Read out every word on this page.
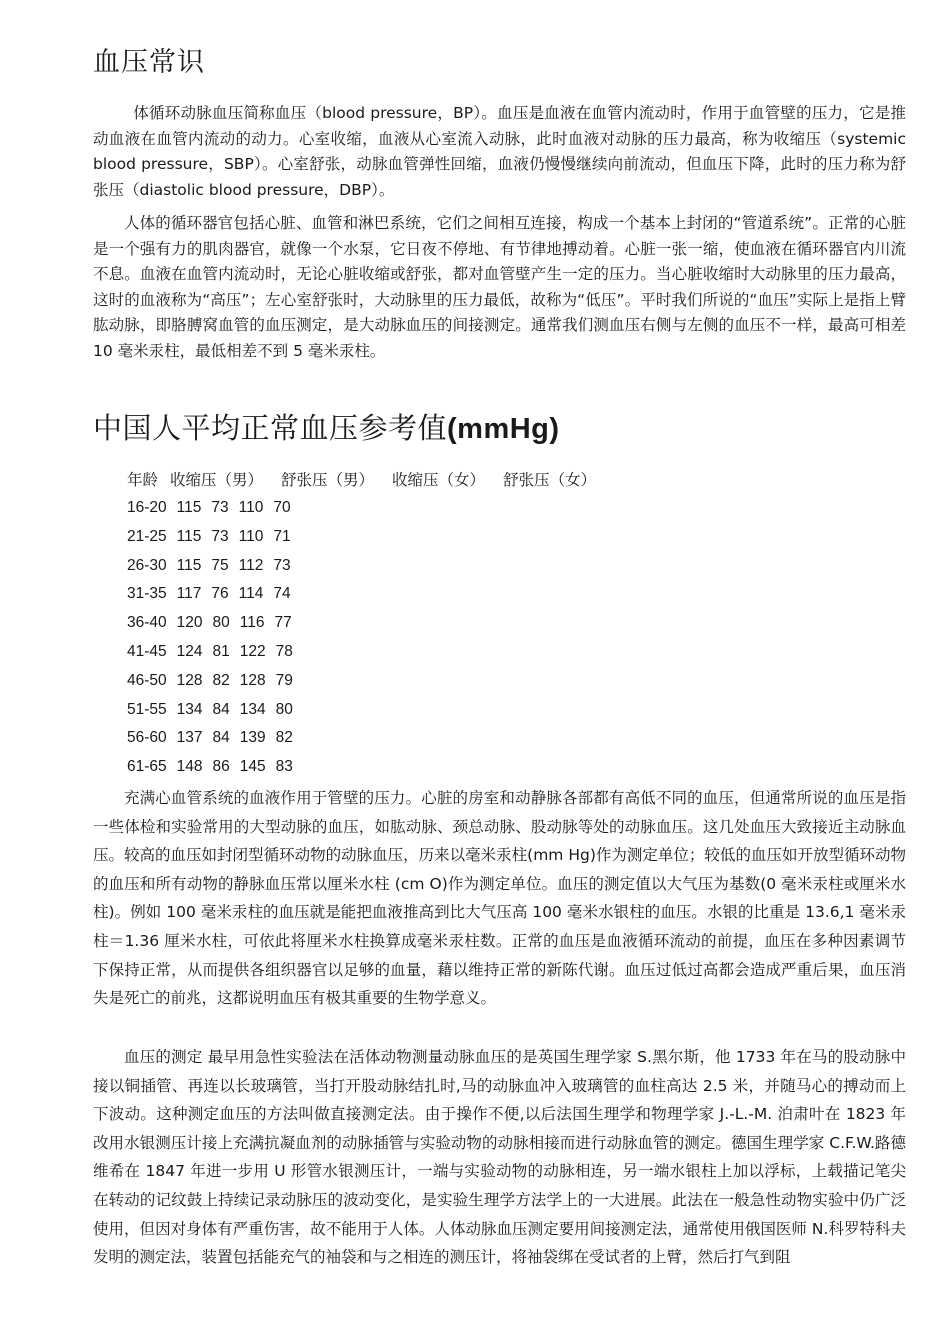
血压常识

体循环动脉血压简称血压（blood pressure，BP）。血压是血液在血管内流动时，作用于血管壁的压力，它是推动血液在血管内流动的动力。心室收缩，血液从心室流入动脉，此时血液对动脉的压力最高，称为收缩压（systemic blood pressure，SBP）。心室舒张，动脉血管弹性回缩，血液仍慢慢继续向前流动，但血压下降，此时的压力称为舒张压（diastolic blood pressure，DBP）。

人体的循环器官包括心脏、血管和淋巴系统，它们之间相互连接，构成一个基本上封闭的“管道系统”。正常的心脏是一个强有力的肌肉器官，就像一个水泵，它日夜不停地、有节律地搏动着。心脏一张一缩，使血液在循环器官内川流不息。血液在血管内流动时，无论心脏收缩或舒张，都对血管壁产生一定的压力。当心脏收缩时大动脉里的压力最高，这时的血液称为“高压”；左心室舒张时，大动脉里的压力最低，故称为“低压”。平时我们所说的“血压”实际上是指上臂肱动脉，即胳膊窝血管的血压测定，是大动脉血压的间接测定。通常我们测血压右侧与左侧的血压不一样，最高可相差 10 毫米汞柱，最低相差不到 5 毫米汞柱。

中国人平均正常血压参考值(mmHg)
年龄 收缩压（男） 舒张压（男） 收缩压（女） 舒张压（女）
16-20 115 73 110 70
21-25 115 73 110 71
26-30 115 75 112 73
31-35 117 76 114 74
36-40 120 80 116 77
41-45 124 81 122 78
46-50 128 82 128 79
51-55 134 84 134 80
56-60 137 84 139 82
61-65 148 86 145 83

充满心血管系统的血液作用于管壁的压力。心脏的房室和动静脉各部都有高低不同的血压，但通常所说的血压是指一些体检和实验常用的大型动脉的血压，如肱动脉、颈总动脉、股动脉等处的动脉血压。这几处血压大致接近主动脉血压。较高的血压如封闭型循环动物的动脉血压，历来以毫米汞柱(mm Hg)作为测定单位；较低的血压如开放型循环动物的血压和所有动物的静脉血压常以厘米水柱 (cm O)作为测定单位。血压的测定值以大气压为基数(0 毫米汞柱或厘米水柱)。例如 100 毫米汞柱的血压就是能把血液推高到比大气压高 100 毫米水银柱的血压。水银的比重是 13.6,1 毫米汞柱＝1.36 厘米水柱，可依此将厘米水柱换算成毫米汞柱数。正常的血压是血液循环流动的前提，血压在多种因素调节下保持正常，从而提供各组织器官以足够的血量，藉以维持正常的新陈代谢。血压过低过高都会造成严重后果，血压消失是死亡的前兆，这都说明血压有极其重要的生物学意义。

血压的测定 最早用急性实验法在活体动物测量动脉血压的是英国生理学家 S.黑尔斯，他 1733 年在马的股动脉中接以铜插管、再连以长玻璃管，当打开股动脉结扎时,马的动脉血冲入玻璃管的血柱高达 2.5 米，并随马心的搏动而上下波动。这种测定血压的方法叫做直接测定法。由于操作不便,以后法国生理学和物理学家 J.-L.-M. 泊肃叶在 1823 年改用水银测压计接上充满抗凝血剂的动脉插管与实验动物的动脉相接而进行动脉血管的测定。德国生理学家 C.F.W.路德维希在 1847 年进一步用 U 形管水银测压计，一端与实验动物的动脉相连，另一端水银柱上加以浮标，上载描记笔尖在转动的记纹鼓上持续记录动脉压的波动变化，是实验生理学方法学上的一大进展。此法在一般急性动物实验中仍广泛使用，但因对身体有严重伤害，故不能用于人体。人体动脉血压测定要用间接测定法，通常使用俄国医师 N.科罗特科夫发明的测定法，装置包括能充气的袖袋和与之相连的测压计，将袖袋绑在受试者的上臂，然后打气到阻
